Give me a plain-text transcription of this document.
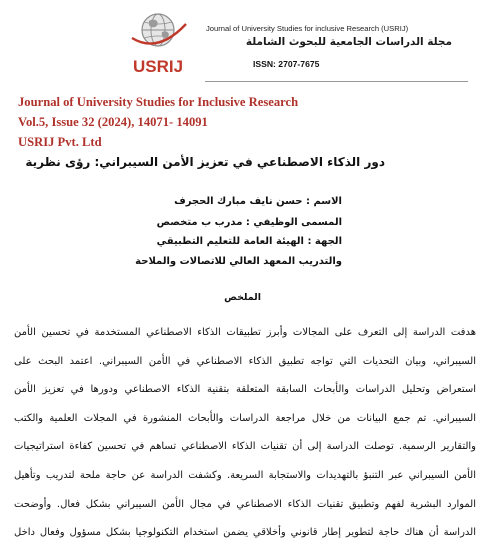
USRIJ
Journal of University Studies for inclusive Research (USRIJ)
مجلة الدراسات الجامعية للبحوث الشاملة
ISSN: 2707-7675
Journal of University Studies for Inclusive Research
Vol.5, Issue 32 (2024), 14071- 14091
USRIJ Pvt. Ltd
دور الذكاء الاصطناعي في تعزيز الأمن السيبراني: رؤى نظرية
الاسم : حسن نايف مبارك الحجرف
المسمى الوظيفي : مدرب ب متخصص
الجهة : الهيئة العامة للتعليم التطبيقي
والتدريب المعهد العالي للاتصالات والملاحة
الملخص
هدفت الدراسة إلى التعرف على المجالات وأبرز تطبيقات الذكاء الاصطناعي المستخدمة في تحسين الأمن
السيبراني، وبيان التحديات التي تواجه تطبيق الذكاء الاصطناعي في الأمن السيبراني. اعتمد البحث على
استعراض وتحليل الدراسات والأبحاث السابقة المتعلقة بتقنية الذكاء الاصطناعي ودورها في تعزيز الأمن
السيبراني. تم جمع البيانات من خلال مراجعة الدراسات والأبحاث المنشورة في المجلات العلمية والكتب
والتقارير الرسمية. توصلت الدراسة إلى أن تقنيات الذكاء الاصطناعي تساهم في تحسين كفاءة استراتيجيات
الأمن السيبراني عبر التنبؤ بالتهديدات والاستجابة السريعة. وكشفت الدراسة عن حاجة ملحة لتدريب وتأهيل
الموارد البشرية لفهم وتطبيق تقنيات الذكاء الاصطناعي في مجال الأمن السيبراني بشكل فعال. وأوضحت
الدراسة أن هناك حاجة لتطوير إطار قانوني وأخلاقي يضمن استخدام التكنولوجيا بشكل مسؤول وفعال داخل
